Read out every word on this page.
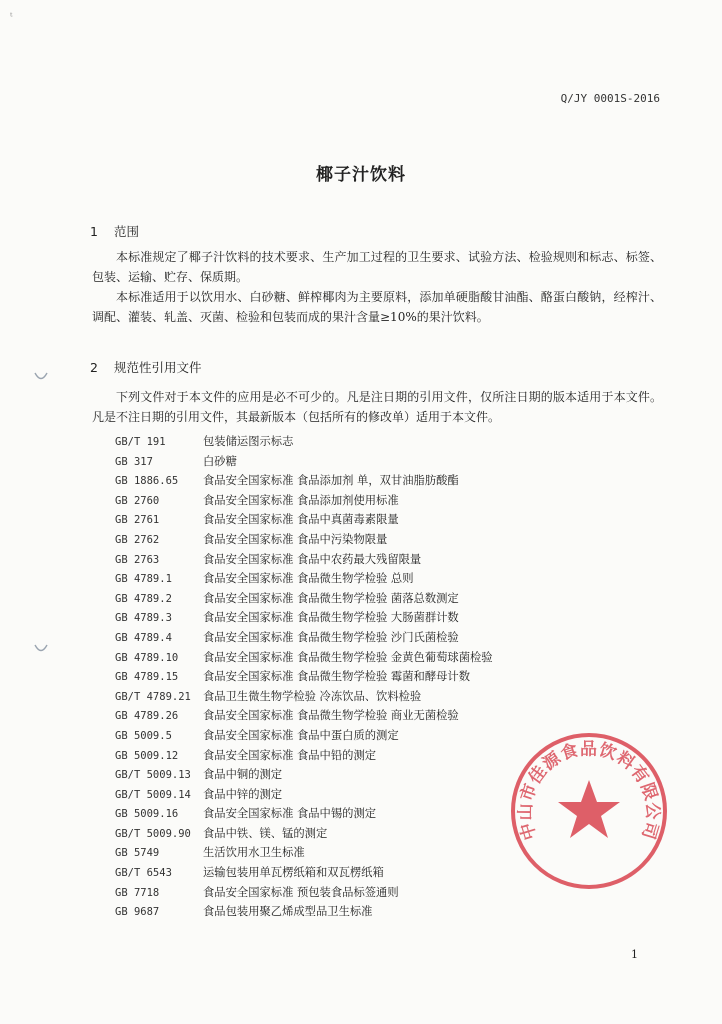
ᵗ
Q/JY 0001S-2016
椰子汁饮料
1 范围

本标准规定了椰子汁饮料的技术要求、生产加工过程的卫生要求、试验方法、检验规则和标志、标签、包装、运输、贮存、保质期。

本标准适用于以饮用水、白砂糖、鲜榨椰肉为主要原料，添加单硬脂酸甘油酯、酪蛋白酸钠，经榨汁、调配、灌装、轧盖、灭菌、检验和包装而成的果汁含量≥10%的果汁饮料。

2 规范性引用文件

下列文件对于本文件的应用是必不可少的。凡是注日期的引用文件，仅所注日期的版本适用于本文件。凡是不注日期的引用文件，其最新版本（包括所有的修改单）适用于本文件。

GB/T 191	包装储运图示标志
GB 317	白砂糖
GB 1886.65 食品安全国家标准 食品添加剂 单，双甘油脂肪酸酯
GB 2760	食品安全国家标准 食品添加剂使用标准
GB 2761	食品安全国家标准 食品中真菌毒素限量
GB 2762	食品安全国家标准 食品中污染物限量
GB 2763	食品安全国家标准 食品中农药最大残留限量
GB 4789.1	食品安全国家标准 食品微生物学检验 总则
GB 4789.2	食品安全国家标准 食品微生物学检验 菌落总数测定
GB 4789.3	食品安全国家标准 食品微生物学检验 大肠菌群计数
GB 4789.4	食品安全国家标准 食品微生物学检验 沙门氏菌检验
GB 4789.10 食品安全国家标准 食品微生物学检验 金黄色葡萄球菌检验
GB 4789.15 食品安全国家标准 食品微生物学检验 霉菌和酵母计数
GB/T 4789.21 食品卫生微生物学检验 冷冻饮品、饮料检验
GB 4789.26 食品安全国家标准 食品微生物学检验 商业无菌检验
GB 5009.5	食品安全国家标准 食品中蛋白质的测定
GB 5009.12 食品安全国家标准 食品中铅的测定
GB/T 5009.13 食品中铜的测定
GB/T 5009.14 食品中锌的测定
GB 5009.16 食品安全国家标准 食品中锡的测定
GB/T 5009.90 食品中铁、镁、锰的测定
GB 5749	生活饮用水卫生标准
GB/T 6543	运输包装用单瓦楞纸箱和双瓦楞纸箱
GB 7718	食品安全国家标准 预包装食品标签通则
GB 9687	食品包装用聚乙烯成型品卫生标准
中山市佳源食品饮料有限公司
1
